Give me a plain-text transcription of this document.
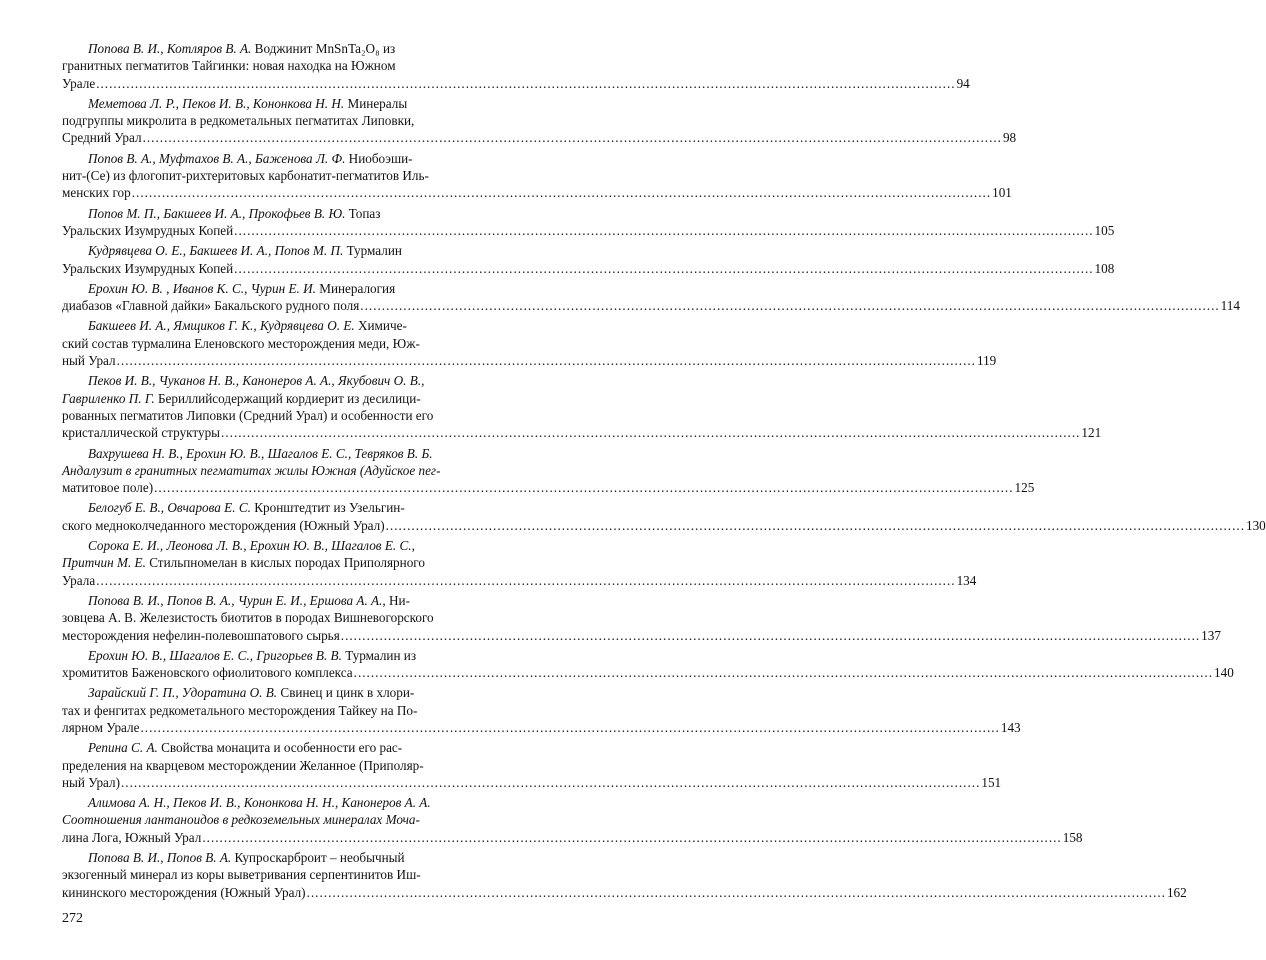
Попова В. И., Котляров В. А. Воджинит MnSnTa₂O₈ из
гранитных пегматитов Тайгинки: новая находка на Южном
Урале ........................................................................................................................................................................................................ 94
Меметова Л. Р., Пеков И. В., Кононкова Н. Н. Минералы
подгруппы микролита в редкометальных пегматитах Липовки,
Средний Урал ........................................................................................................................................................................................................ 98
Попов В. А., Муфтахов В. А., Баженова Л. Ф. Ниобоэши-
нит-(Се) из флогопит-рихтеритовых карбонатит-пегматитов Иль-
менских гор ........................................................................................................................................................................................................ 101
Попов М. П., Бакшеев И. А., Прокофьев В. Ю. Топаз
Уральских Изумрудных Копей ........................................................................................................................................................................................................ 105
Кудрявцева О. Е., Бакшеев И. А., Попов М. П. Турмалин
Уральских Изумрудных Копей ........................................................................................................................................................................................................ 108
Ерохин Ю. В. , Иванов К. С., Чурин Е. И. Минералогия
диабазов «Главной дайки» Бакальского рудного поля ........................................................................................................................................................................................................ 114
Бакшеев И. А., Ямщиков Г. К., Кудрявцева О. Е. Химиче-
ский состав турмалина Еленовского месторождения меди, Юж-
ный Урал ........................................................................................................................................................................................................ 119
Пеков И. В., Чуканов Н. В., Канонеров А. А., Якубович О. В.,
Гавриленко П. Г. Бериллийсодержащий кордиерит из десилици-
рованных пегматитов Липовки (Средний Урал) и особенности его
кристаллической структуры ........................................................................................................................................................................................................ 121
Вахрушева Н. В., Ерохин Ю. В., Шагалов Е. С., Тевряков В. Б.
Андалузит в гранитных пегматитах жилы Южная (Адуйское пег-
матитовое поле) ........................................................................................................................................................................................................ 125
Белогуб Е. В., Овчарова Е. С. Кронштедтит из Узельгин-
ского медноколчеданного месторождения (Южный Урал) ........................................................................................................................................................................................................ 130
Сорока Е. И., Леонова Л. В., Ерохин Ю. В., Шагалов Е. С.,
Притчин М. Е. Стильпномелан в кислых породах Приполярного
Урала ........................................................................................................................................................................................................ 134
Попова В. И., Попов В. А., Чурин Е. И., Ершова А. А., Ни-
зовцева А. В. Железистость биотитов в породах Вишневогорского
месторождения нефелин-полевошпатового сырья ........................................................................................................................................................................................................ 137
Ерохин Ю. В., Шагалов Е. С., Григорьев В. В. Турмалин из
хромититов Баженовского офиолитового комплекса ........................................................................................................................................................................................................ 140
Зарайский Г. П., Удоратина О. В. Свинец и цинк в хлори-
тах и фенгитах редкометального месторождения Тайкеу на По-
лярном Урале ........................................................................................................................................................................................................ 143
Репина С. А. Свойства монацита и особенности его рас-
пределения на кварцевом месторождении Желанное (Приполяр-
ный Урал) ........................................................................................................................................................................................................ 151
Алимова А. Н., Пеков И. В., Кононкова Н. Н., Канонеров А. А.
Соотношения лантаноидов в редкоземельных минералах Моча-
лина Лога, Южный Урал ........................................................................................................................................................................................................ 158
Попова В. И., Попов В. А. Купроскарброит – необычный
экзогенный минерал из коры выветривания серпентинитов Иш-
кининского месторождения (Южный Урал) ........................................................................................................................................................................................................ 162
272
